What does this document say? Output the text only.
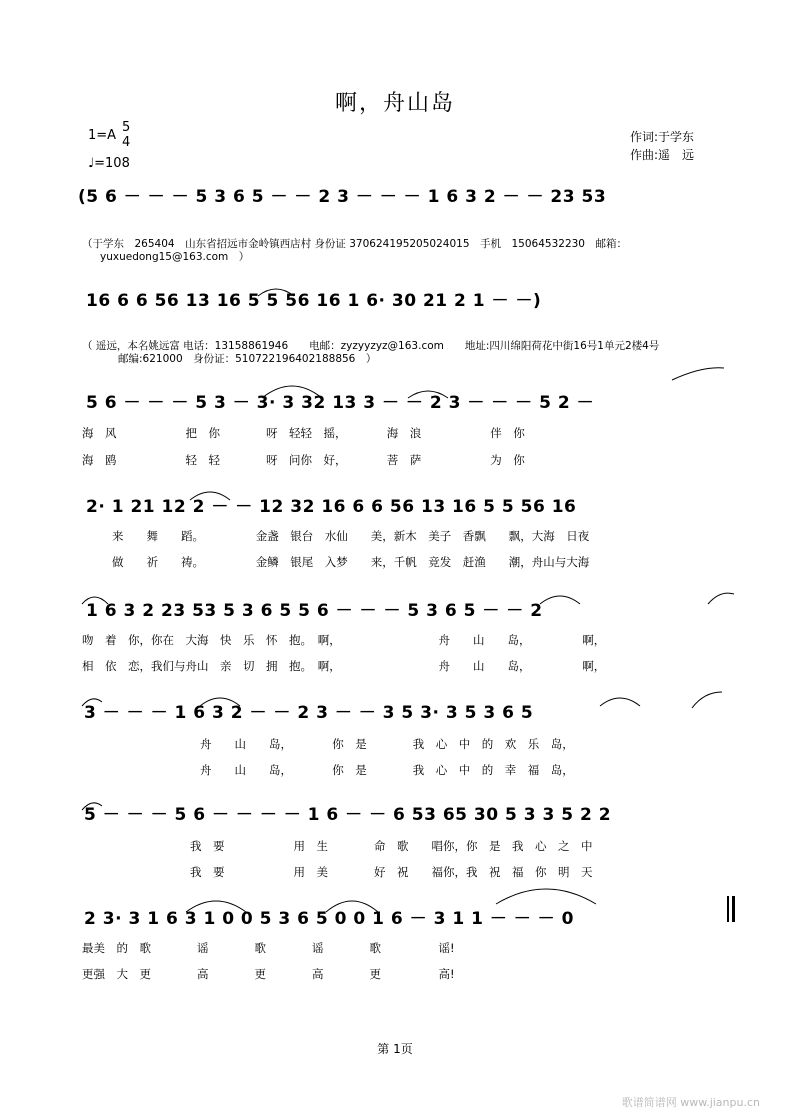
啊，舟山岛
1=A
5
4
♩=108
作词:于学东
作曲:遥　远
(5 6 － － － 5 3 6 5 － － 2 3 － － － 1 6 3 2 － － 23 53
（于学东　265404　山东省招远市金岭镇西店村 身份证 370624195205024015　手机　15064532230　邮箱：
yuxuedong15@163.com　）
16 6 6 56 13 16 5 5 56 16 1 6· 30 21 2 1 － －)
（ 遥远，本名姚远富 电话：13158861946　　电邮：zyzyyzyz@163.com　　地址:四川绵阳荷花中街16号1单元2楼4号
邮编:621000　身份证：510722196402188856　）
5 6 － － － 5 3 － 3· 3 32 13 3 － － 2 3 － － － 5 2 －
海　风　　　　　　把　你　　　　呀　轻轻　摇，　　　　海　浪　　　　　　伴　你
海　鸥　　　　　　轻　轻　　　　呀　问你　好，　　　　菩　萨　　　　　　为　你
2· 1 21 12 2 － － 12 32 16 6 6 56 13 16 5 5 56 16
来　　舞　　蹈。　　　　　金盏　银台　水仙　　美，新木　美子　香飘　　飘，大海　日夜
做　　祈　　祷。　　　　　金鳞　银尾　入梦　　来，千帆　竞发　赶渔　　潮，舟山与大海
1 6 3 2 23 53 5 3 6 5 5 6 － － － 5 3 6 5 － － 2
吻　着　你，你在　大海　快　乐　怀　抱。　啊，　　　　　　　　　舟　　山　　岛，　　　　　啊，
相　依　恋，我们与舟山　亲　切　拥　抱。　啊，　　　　　　　　　舟　　山　　岛，　　　　　啊，
3 － － － 1 6 3 2 － － 2 3 － － 3 5 3· 3 5 3 6 5
舟　　山　　岛，　　　　你　是　　　　我　心　中　的　欢　乐　岛，
舟　　山　　岛，　　　　你　是　　　　我　心　中　的　幸　福　岛，
5 － － － 5 6 － － － － 1 6 － － 6 53 65 30 5 3 3 5 2 2
我　要　　　　　　用　生　　　　命　歌　　唱你，你　是　我　心　之　中
我　要　　　　　　用　美　　　　好　祝　　福你，我　祝　福　你　明　天
2 3· 3 1 6 3 1 0 0 5 3 6 5 0 0 1 6 － 3 1 1 － － － 0
最美　的　歌　　　　谣　　　　歌　　　　谣　　　　歌　　　　　谣!
更强　大　更　　　　高　　　　更　　　　高　　　　更　　　　　高!
第 1页
歌谱简谱网 www.jianpu.cn
